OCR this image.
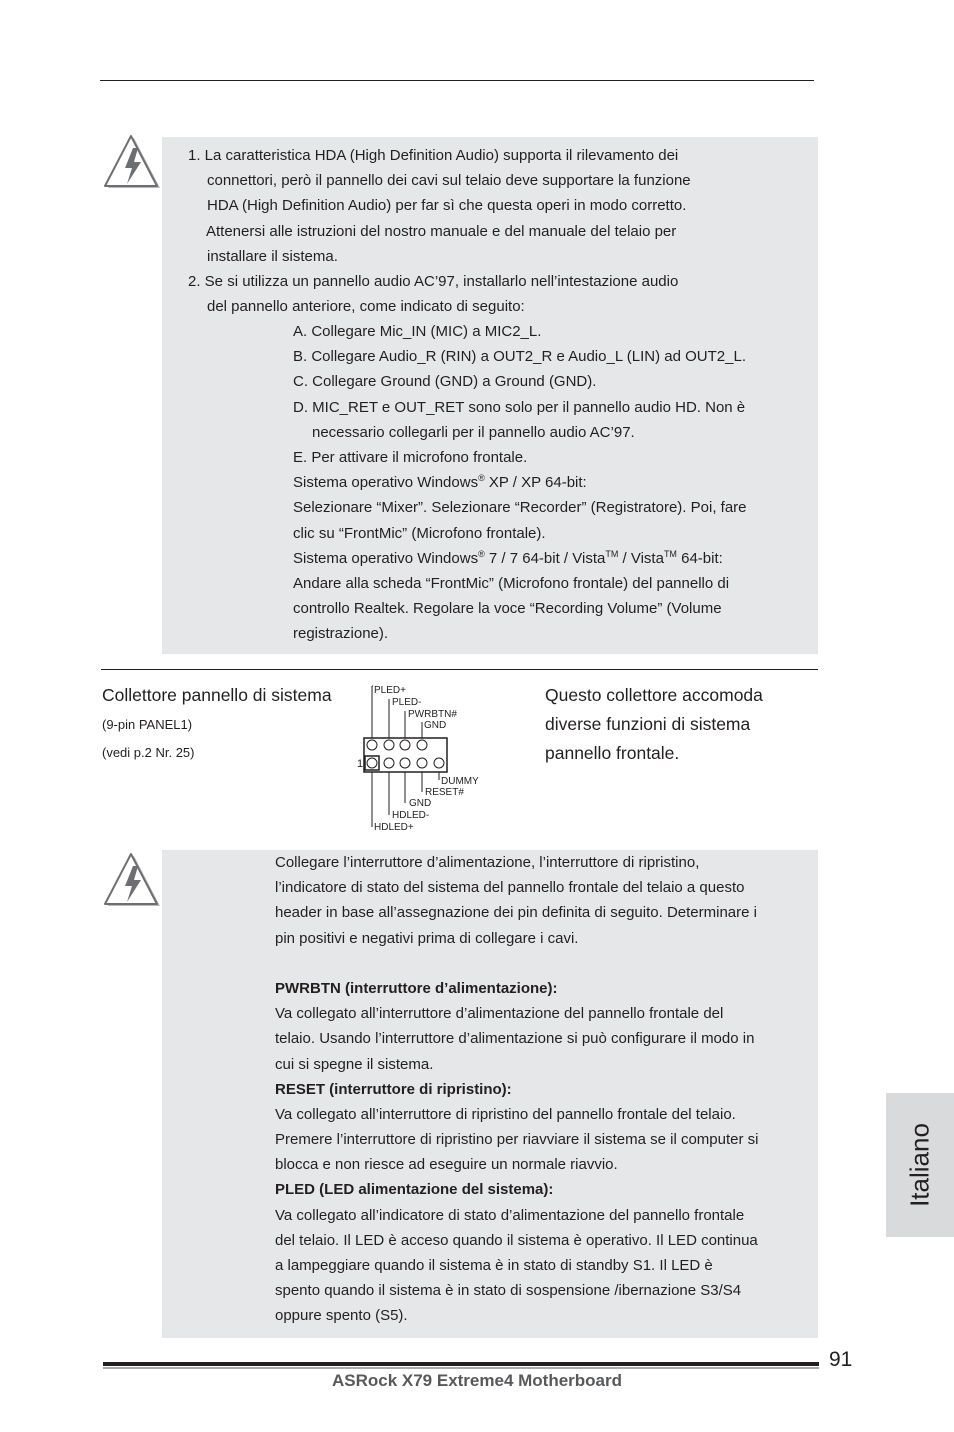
1. La caratteristica HDA (High Definition Audio) supporta il rilevamento dei
connettori, però il pannello dei cavi sul telaio deve supportare la funzione
HDA (High Definition Audio) per far sì che questa operi in modo corretto.
Attenersi alle istruzioni del nostro manuale e del manuale del telaio per
installare il sistema.
2. Se si utilizza un pannello audio AC’97, installarlo nell’intestazione audio
del pannello anteriore, come indicato di seguito:
A. Collegare Mic_IN (MIC) a MIC2_L.
B. Collegare Audio_R (RIN) a OUT2_R e Audio_L (LIN) ad OUT2_L.
C. Collegare Ground (GND) a Ground (GND).
D. MIC_RET e OUT_RET sono solo per il pannello audio HD. Non è
necessario collegarli per il pannello audio AC’97.
E. Per attivare il microfono frontale.
Sistema operativo Windows® XP / XP 64-bit:
Selezionare “Mixer”. Selezionare “Recorder” (Registratore). Poi, fare
clic su “FrontMic” (Microfono frontale).
Sistema operativo Windows® 7 / 7 64-bit / Vista™ / Vista™ 64-bit:
Andare alla scheda “FrontMic” (Microfono frontale) del pannello di
controllo Realtek. Regolare la voce “Recording Volume” (Volume
registrazione).
Collettore pannello di sistema
(9-pin PANEL1)
(vedi p.2 Nr. 25)
Questo collettore accomoda
diverse funzioni di sistema
pannello frontale.
PLED+
PLED-
PWRBTN#
GND
DUMMY
RESET#
GND
HDLED-
HDLED+
1
Collegare l’interruttore d’alimentazione, l’interruttore di ripristino,
l’indicatore di stato del sistema del pannello frontale del telaio a questo
header in base all’assegnazione dei pin definita di seguito. Determinare i
pin positivi e negativi prima di collegare i cavi.
PWRBTN (interruttore d’alimentazione):
Va collegato all’interruttore d’alimentazione del pannello frontale del
telaio. Usando l’interruttore d’alimentazione si può configurare il modo in
cui si spegne il sistema.
RESET (interruttore di ripristino):
Va collegato all’interruttore di ripristino del pannello frontale del telaio.
Premere l’interruttore di ripristino per riavviare il sistema se il computer si
blocca e non riesce ad eseguire un normale riavvio.
PLED (LED alimentazione del sistema):
Va collegato all’indicatore di stato d’alimentazione del pannello frontale
del telaio. Il LED è acceso quando il sistema è operativo. Il LED continua
a lampeggiare quando il sistema è in stato di standby S1. Il LED è
spento quando il sistema è in stato di sospensione /ibernazione S3/S4
oppure spento (S5).
Italiano
91
ASRock X79 Extreme4 Motherboard
